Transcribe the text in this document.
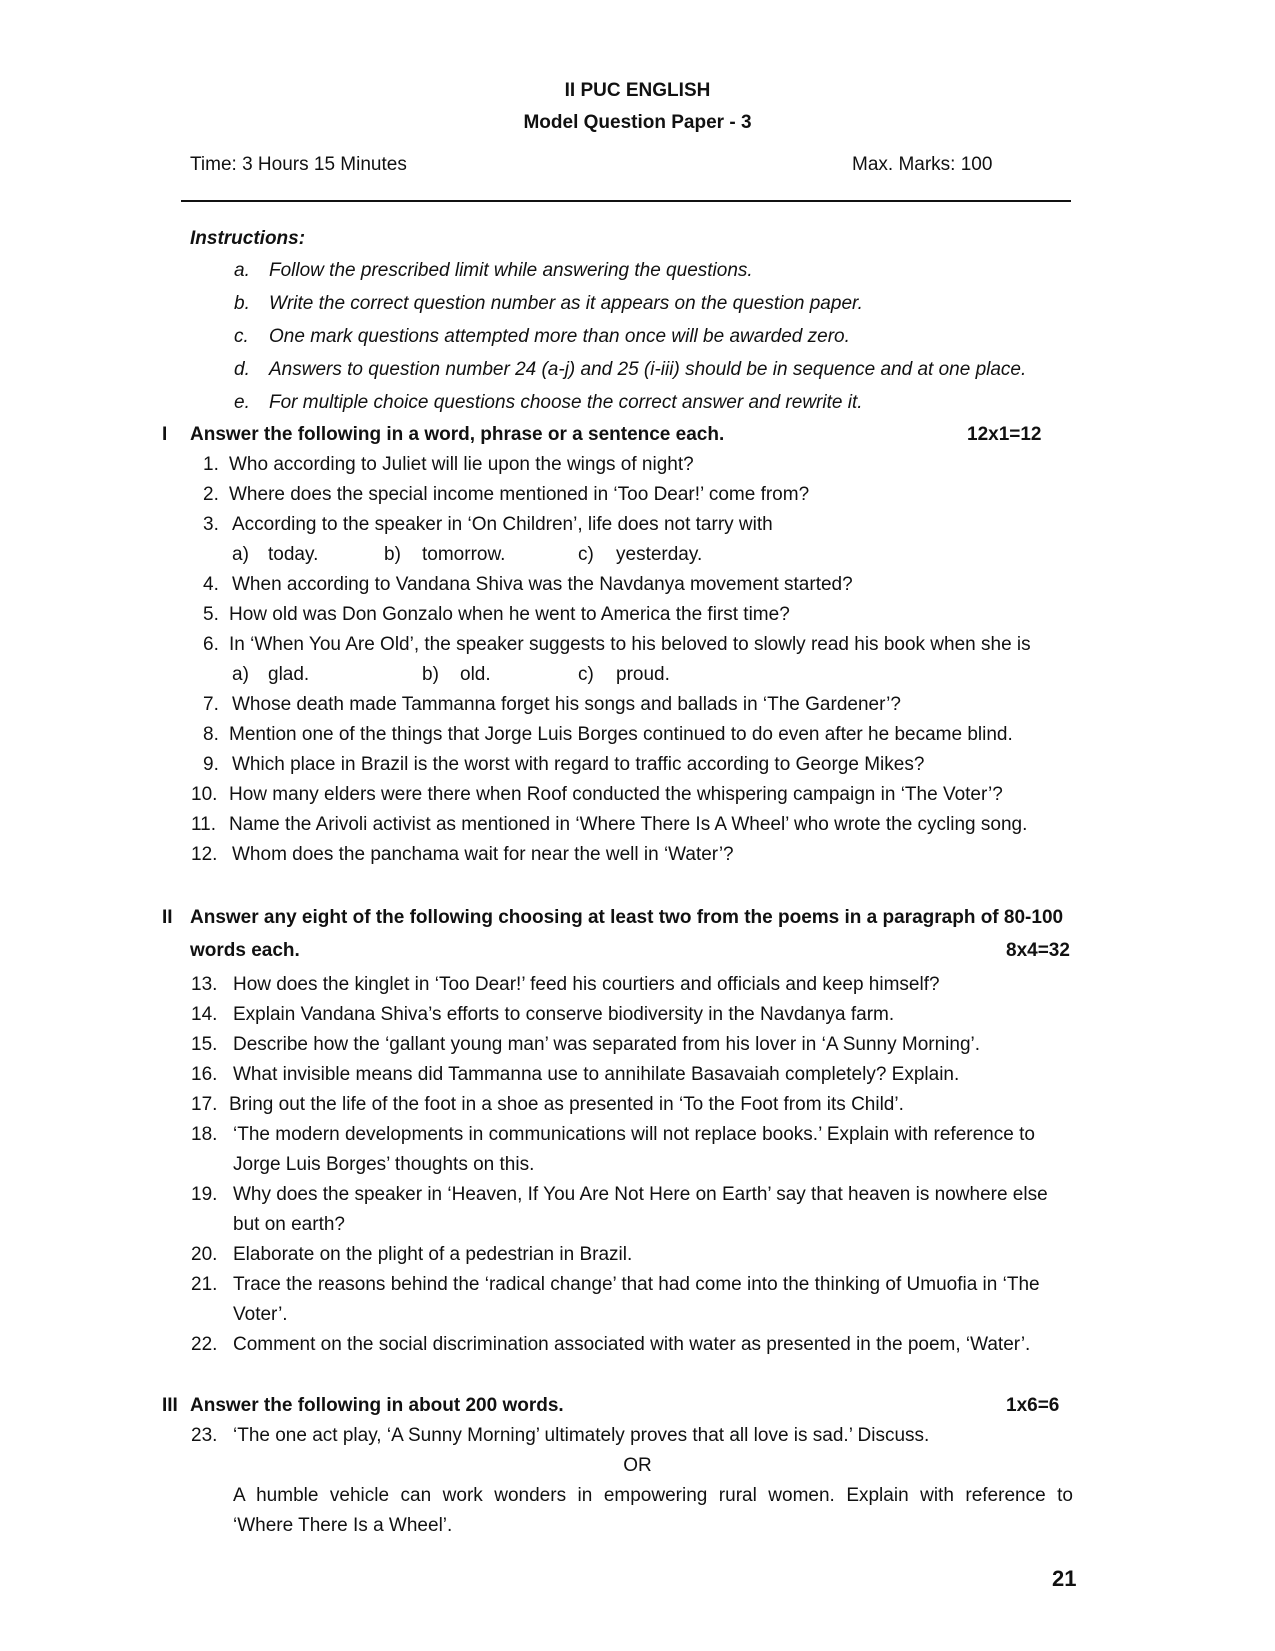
II PUC ENGLISH
Model Question Paper - 3
Time: 3 Hours 15 Minutes	Max. Marks: 100
Instructions:
a. Follow the prescribed limit while answering the questions.
b. Write the correct question number as it appears on the question paper.
c. One mark questions attempted more than once will be awarded zero.
d. Answers to question number 24 (a-j) and 25 (i-iii) should be in sequence and at one place.
e. For multiple choice questions choose the correct answer and rewrite it.
I Answer the following in a word, phrase or a sentence each.	12x1=12
1. Who according to Juliet will lie upon the wings of night?
2. Where does the special income mentioned in ‘Too Dear!’ come from?
3. According to the speaker in ‘On Children’, life does not tarry with
a) today.	b) tomorrow.	c) yesterday.
4. When according to Vandana Shiva was the Navdanya movement started?
5. How old was Don Gonzalo when he went to America the first time?
6. In ‘When You Are Old’, the speaker suggests to his beloved to slowly read his book when she is
a) glad.	b) old.	c) proud.
7. Whose death made Tammanna forget his songs and ballads in ‘The Gardener’?
8. Mention one of the things that Jorge Luis Borges continued to do even after he became blind.
9. Which place in Brazil is the worst with regard to traffic according to George Mikes?
10. How many elders were there when Roof conducted the whispering campaign in ‘The Voter’?
11. Name the Arivoli activist as mentioned in ‘Where There Is A Wheel’ who wrote the cycling song.
12. Whom does the panchama wait for near the well in ‘Water’?
II Answer any eight of the following choosing at least two from the poems in a paragraph of 80-100
words each.	8x4=32
13. How does the kinglet in ‘Too Dear!’ feed his courtiers and officials and keep himself?
14. Explain Vandana Shiva’s efforts to conserve biodiversity in the Navdanya farm.
15. Describe how the ‘gallant young man’ was separated from his lover in ‘A Sunny Morning’.
16. What invisible means did Tammanna use to annihilate Basavaiah completely? Explain.
17. Bring out the life of the foot in a shoe as presented in ‘To the Foot from its Child’.
18. ‘The modern developments in communications will not replace books.’ Explain with reference to
Jorge Luis Borges’ thoughts on this.
19. Why does the speaker in ‘Heaven, If You Are Not Here on Earth’ say that heaven is nowhere else
but on earth?
20. Elaborate on the plight of a pedestrian in Brazil.
21. Trace the reasons behind the ‘radical change’ that had come into the thinking of Umuofia in ‘The
Voter’.
22. Comment on the social discrimination associated with water as presented in the poem, ‘Water’.
III Answer the following in about 200 words.	1x6=6
23. ‘The one act play, ‘A Sunny Morning’ ultimately proves that all love is sad.’ Discuss.
OR
A humble vehicle can work wonders in empowering rural women. Explain with reference to
‘Where There Is a Wheel’.
21
